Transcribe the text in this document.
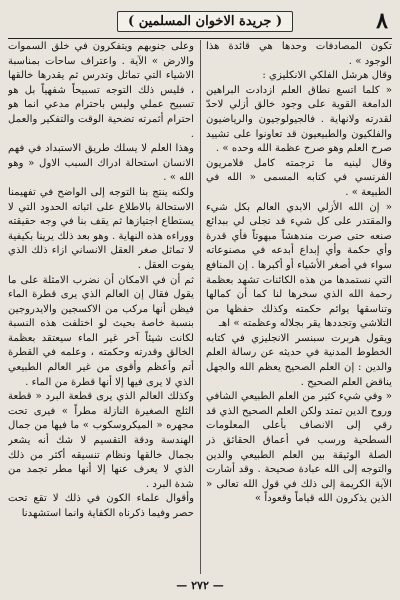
٨
( جريدة الاخوان المسلمين )

تكون المصادفات وحدها هي قائدة هذا الوجود » .

وقال هرشل الفلكي الانكليزي :

« كلما اتسع نطاق العلم ازدادت البراهين الدامغة القوية على وجود خالق أزلي لاحدّ لقدرته ولانهاية . فالجيولوجيون والرياضيون والفلكيون والطبيعيون قد تعاونوا على تشييد صرح العلم وهو صرح عظمة الله وحده » .

وقال لينيه ما ترجمته كامل فلامريون الفرنسي في كتابه المسمى « الله في الطبيعة » .

« إن الله الأزلي الابدي العالم بكل شيء والمقتدر على كل شيء قد تجلى لي ببدائع صنعه حتى صرت مندهشاً مبهوتاً فأي قدرة وأي حكمة وأي إبداع أبدعه في مصنوعاته سواء في أصغر الأشياء أو أكبرها . إن المنافع التي نستمدها من هذه الكائنات تشهد بعظمة رحمة الله الذي سخرها لنا كما أن كمالها وتناسقها يوائم حكمته وكذلك حفظها من التلاشي وتجددها يقر بجلاله وعظمته » اهـ

ويقول هربرت سبنسر الانجليزي في كتابه الخطوط المدنية في حديثه عن رسالة العلم والدين : إن العلم الصحيح يعظم الله والجهل يناقض العلم الصحيح .

« وفي شيء كثير من العلم الطبيعي الشافي وروح الدين تمتد ولكن العلم الصحيح الذي قد رقي إلى الانصاف بأعلى المعلومات السطحية ورسب في أعماق الحقائق ذر الصلة الوثيقة بين العلم الطبيعي والدين والتوجه إلى الله عبادة صحيحة . وقد أشارت الآية الكريمة إلى ذلك في قول الله تعالى « الذين يذكرون الله قياماً وقعوداً »

وعلى جنوبهم ويتفكرون في خلق السموات والارض » الآية . واعتراف ساحات بمناسبة الاشياء التي تماثل وتدرس ثم يقدرها خالقها ، فليس ذلك التوجه تسبيحاً شفهياً بل هو تسبيح عملي وليس باحترام مدعي انما هو احترام أثمرته تضحية الوقت والتفكير والعمل .

وهذا العلم لا يسلك طريق الاستبداد في فهم الانسان استحالة ادراك السبب الاول « وهو الله » .

ولكنه ينتج بنا التوجه إلى الواضح في تفهيمنا الاستحالة بالاطلاع على اثباته الحدود التي لا يستطاع اجتيازها ثم يقف بنا في وجه حقيقته ووراءه هذه النهاية . وهو بعد ذلك يرينا بكيفية لا تماثل صغر العقل الانساني ازاء ذلك الذي يفوت العقل .

ثم أن في الامكان أن نضرب الامثلة على ما يقول فقال إن العالم الذي يرى قطرة الماء فيظن أنها مركب من الاكسجين والايدروجين بنسبة خاصة بحيث لو اختلفت هذه النسبة لكانت شيئاً آخر غير الماء سيعتقد بعظمة الخالق وقدرته وحكمته ، وعلمه في القطرة أتم وأعظم وأقوى من غير العالم الطبيعي الذي لا يرى فيها إلا أنها قطرة من الماء .

وكذلك العالم الذي يرى قطعة البرد « قطعة الثلج الصغيرة النازلة مطراً » فيرى تحت مجهره « الميكروسكوب » ما فيها من جمال الهندسة ودقة التقسيم لا شك أنه يشعر بجمال خالقها ونظام تنسيقه أكثر من ذلك الذي لا يعرف عنها إلا أنها مطر تجمد من شدة البرد .

وأقوال علماء الكون في ذلك لا تقع تحت حصر وفيما ذكرناه الكفاية وانما استشهدنا

— ٢٧٢ —
